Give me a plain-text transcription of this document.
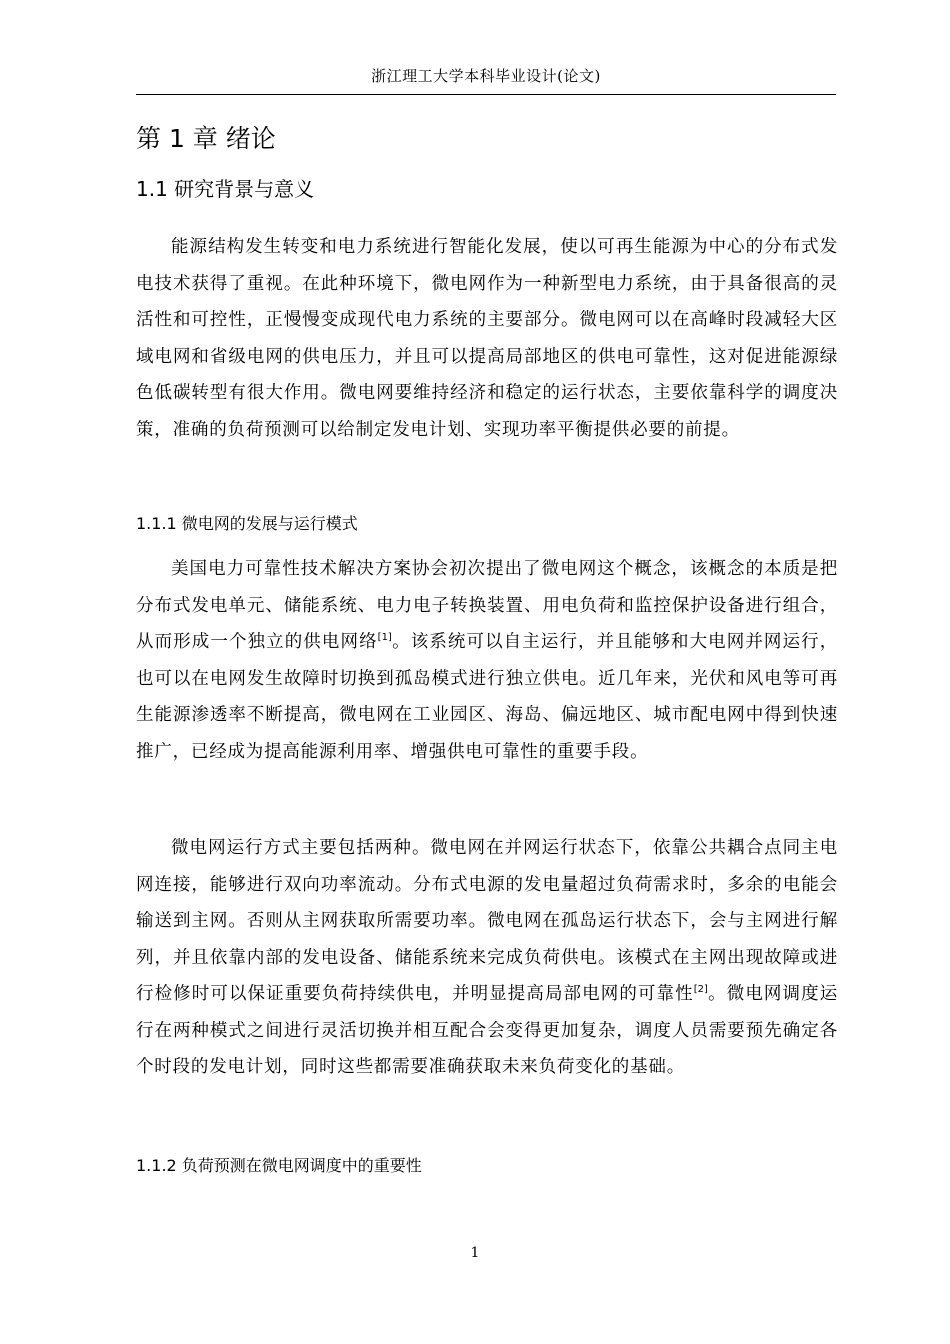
浙江理工大学本科毕业设计(论文)
第 1 章 绪论
1.1 研究背景与意义

能源结构发生转变和电力系统进行智能化发展，使以可再生能源为中心的分布式发电技术获得了重视。在此种环境下，微电网作为一种新型电力系统，由于具备很高的灵活性和可控性，正慢慢变成现代电力系统的主要部分。微电网可以在高峰时段减轻大区域电网和省级电网的供电压力，并且可以提高局部地区的供电可靠性，这对促进能源绿色低碳转型有很大作用。微电网要维持经济和稳定的运行状态，主要依靠科学的调度决策，准确的负荷预测可以给制定发电计划、实现功率平衡提供必要的前提。

1.1.1 微电网的发展与运行模式

美国电力可靠性技术解决方案协会初次提出了微电网这个概念，该概念的本质是把分布式发电单元、储能系统、电力电子转换装置、用电负荷和监控保护设备进行组合，从而形成一个独立的供电网络[1]。该系统可以自主运行，并且能够和大电网并网运行，也可以在电网发生故障时切换到孤岛模式进行独立供电。近几年来，光伏和风电等可再生能源渗透率不断提高，微电网在工业园区、海岛、偏远地区、城市配电网中得到快速推广，已经成为提高能源利用率、增强供电可靠性的重要手段。

微电网运行方式主要包括两种。微电网在并网运行状态下，依靠公共耦合点同主电网连接，能够进行双向功率流动。分布式电源的发电量超过负荷需求时，多余的电能会输送到主网。否则从主网获取所需要功率。微电网在孤岛运行状态下，会与主网进行解列，并且依靠内部的发电设备、储能系统来完成负荷供电。该模式在主网出现故障或进行检修时可以保证重要负荷持续供电，并明显提高局部电网的可靠性[2]。微电网调度运行在两种模式之间进行灵活切换并相互配合会变得更加复杂，调度人员需要预先确定各个时段的发电计划，同时这些都需要准确获取未来负荷变化的基础。

1.1.2 负荷预测在微电网调度中的重要性
1
